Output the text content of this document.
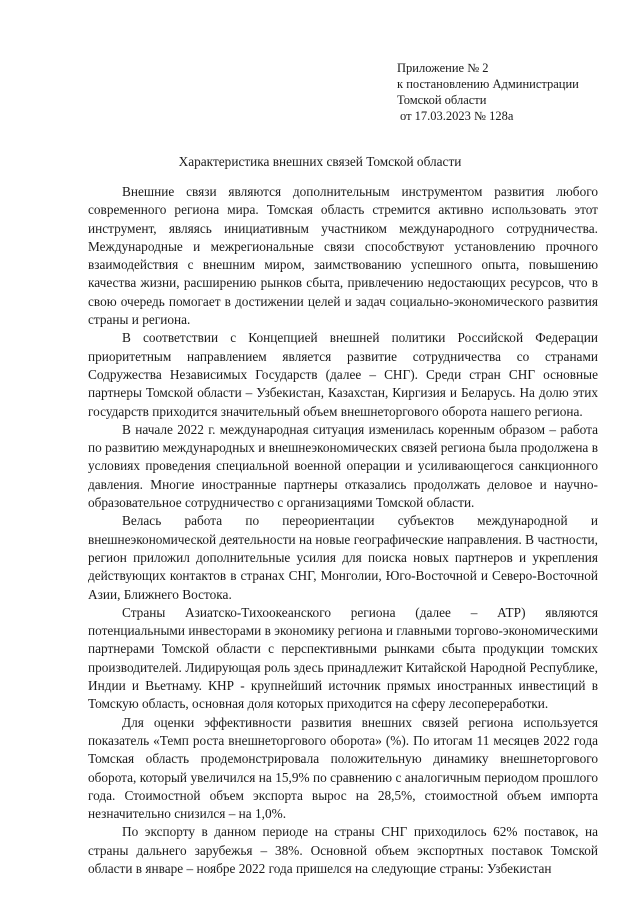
Приложение № 2
к постановлению Администрации
Томской области
от 17.03.2023 № 128а
Характеристика внешних связей Томской области

Внешние связи являются дополнительным инструментом развития любого современного региона мира. Томская область стремится активно использовать этот инструмент, являясь инициативным участником международного сотрудничества. Международные и межрегиональные связи способствуют установлению прочного взаимодействия с внешним миром, заимствованию успешного опыта, повышению качества жизни, расширению рынков сбыта, привлечению недостающих ресурсов, что в свою очередь помогает в достижении целей и задач социально-экономического развития страны и региона.

В соответствии с Концепцией внешней политики Российской Федерации приоритетным направлением является развитие сотрудничества со странами Содружества Независимых Государств (далее – СНГ). Среди стран СНГ основные партнеры Томской области – Узбекистан, Казахстан, Киргизия и Беларусь. На долю этих государств приходится значительный объем внешнеторгового оборота нашего региона.

В начале 2022 г. международная ситуация изменилась коренным образом – работа по развитию международных и внешнеэкономических связей региона была продолжена в условиях проведения специальной военной операции и усиливающегося санкционного давления. Многие иностранные партнеры отказались продолжать деловое и научно-образовательное сотрудничество с организациями Томской области.

Велась работа по переориентации субъектов международной и внешнеэкономической деятельности на новые географические направления. В частности, регион приложил дополнительные усилия для поиска новых партнеров и укрепления действующих контактов в странах СНГ, Монголии, Юго-Восточной и Северо-Восточной Азии, Ближнего Востока.

Страны Азиатско-Тихоокеанского региона (далее – АТР) являются потенциальными инвесторами в экономику региона и главными торгово-экономическими партнерами Томской области с перспективными рынками сбыта продукции томских производителей. Лидирующая роль здесь принадлежит Китайской Народной Республике, Индии и Вьетнаму. КНР - крупнейший источник прямых иностранных инвестиций в Томскую область, основная доля которых приходится на сферу лесопереработки.

Для оценки эффективности развития внешних связей региона используется показатель «Темп роста внешнеторгового оборота» (%). По итогам 11 месяцев 2022 года Томская область продемонстрировала положительную динамику внешнеторгового оборота, который увеличился на 15,9% по сравнению с аналогичным периодом прошлого года. Стоимостной объем экспорта вырос на 28,5%, стоимостной объем импорта незначительно снизился – на 1,0%.

По экспорту в данном периоде на страны СНГ приходилось 62% поставок, на страны дальнего зарубежья – 38%. Основной объем экспортных поставок Томской области в январе – ноябре 2022 года пришелся на следующие страны: Узбекистан
